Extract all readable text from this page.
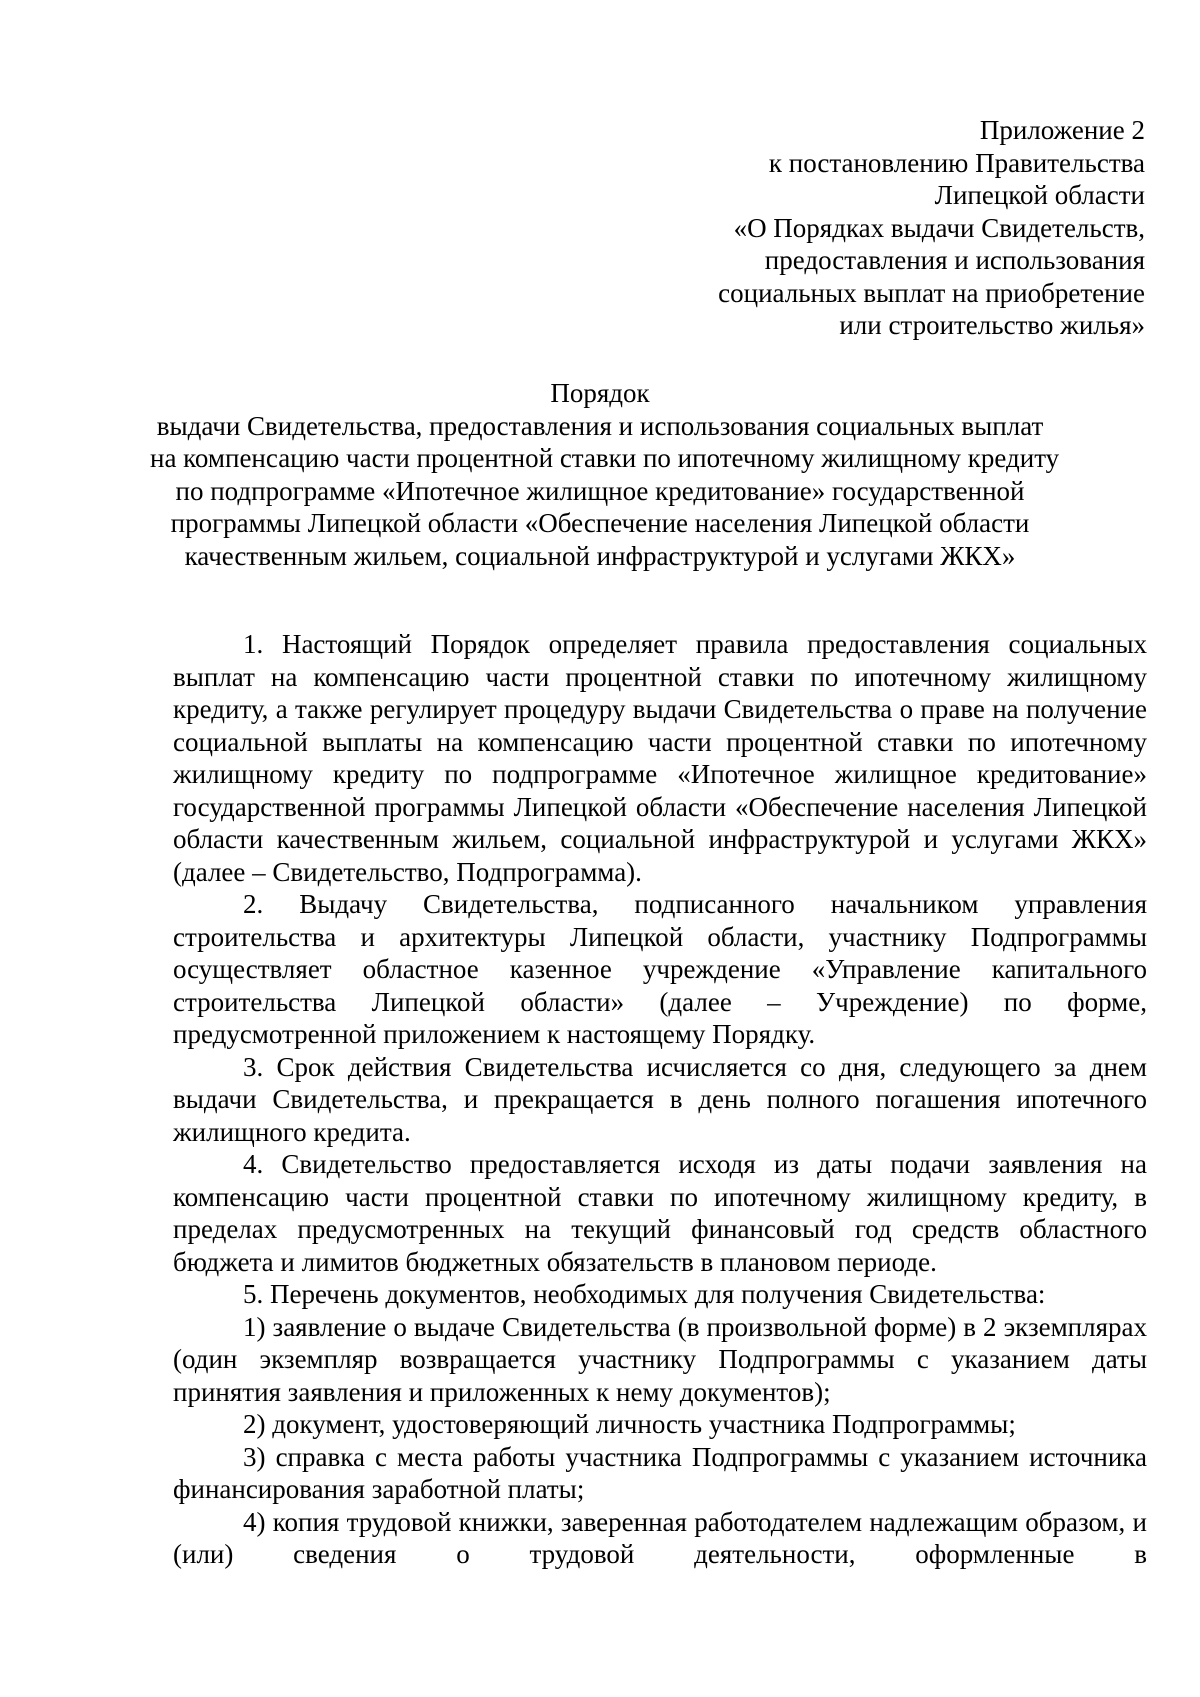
Приложение 2
к постановлению Правительства
Липецкой области
«О Порядках выдачи Свидетельств,
предоставления и использования
социальных выплат на приобретение
или строительство жилья»
Порядок
выдачи Свидетельства, предоставления и использования социальных выплат
на компенсацию части процентной ставки по ипотечному жилищному кредиту
по подпрограмме «Ипотечное жилищное кредитование» государственной
программы Липецкой области «Обеспечение населения Липецкой области
качественным жильем, социальной инфраструктурой и услугами ЖКХ»

1. Настоящий Порядок определяет правила предоставления социальных выплат на компенсацию части процентной ставки по ипотечному жилищному кредиту, а также регулирует процедуру выдачи Свидетельства о праве на получение социальной выплаты на компенсацию части процентной ставки по ипотечному жилищному кредиту по подпрограмме «Ипотечное жилищное кредитование» государственной программы Липецкой области «Обеспечение населения Липецкой области качественным жильем, социальной инфраструктурой и услугами ЖКХ» (далее – Свидетельство, Подпрограмма).

2. Выдачу Свидетельства, подписанного начальником управления строительства и архитектуры Липецкой области, участнику Подпрограммы осуществляет областное казенное учреждение «Управление капитального строительства Липецкой области» (далее – Учреждение) по форме, предусмотренной приложением к настоящему Порядку.

3. Срок действия Свидетельства исчисляется со дня, следующего за днем выдачи Свидетельства, и прекращается в день полного погашения ипотечного жилищного кредита.

4. Свидетельство предоставляется исходя из даты подачи заявления на компенсацию части процентной ставки по ипотечному жилищному кредиту, в пределах предусмотренных на текущий финансовый год средств областного бюджета и лимитов бюджетных обязательств в плановом периоде.

5. Перечень документов, необходимых для получения Свидетельства:

1) заявление о выдаче Свидетельства (в произвольной форме) в 2 экземплярах (один экземпляр возвращается участнику Подпрограммы с указанием даты принятия заявления и приложенных к нему документов);

2) документ, удостоверяющий личность участника Подпрограммы;

3) справка с места работы участника Подпрограммы с указанием источника финансирования заработной платы;

4) копия трудовой книжки, заверенная работодателем надлежащим образом, и (или) сведения о трудовой деятельности, оформленные в
